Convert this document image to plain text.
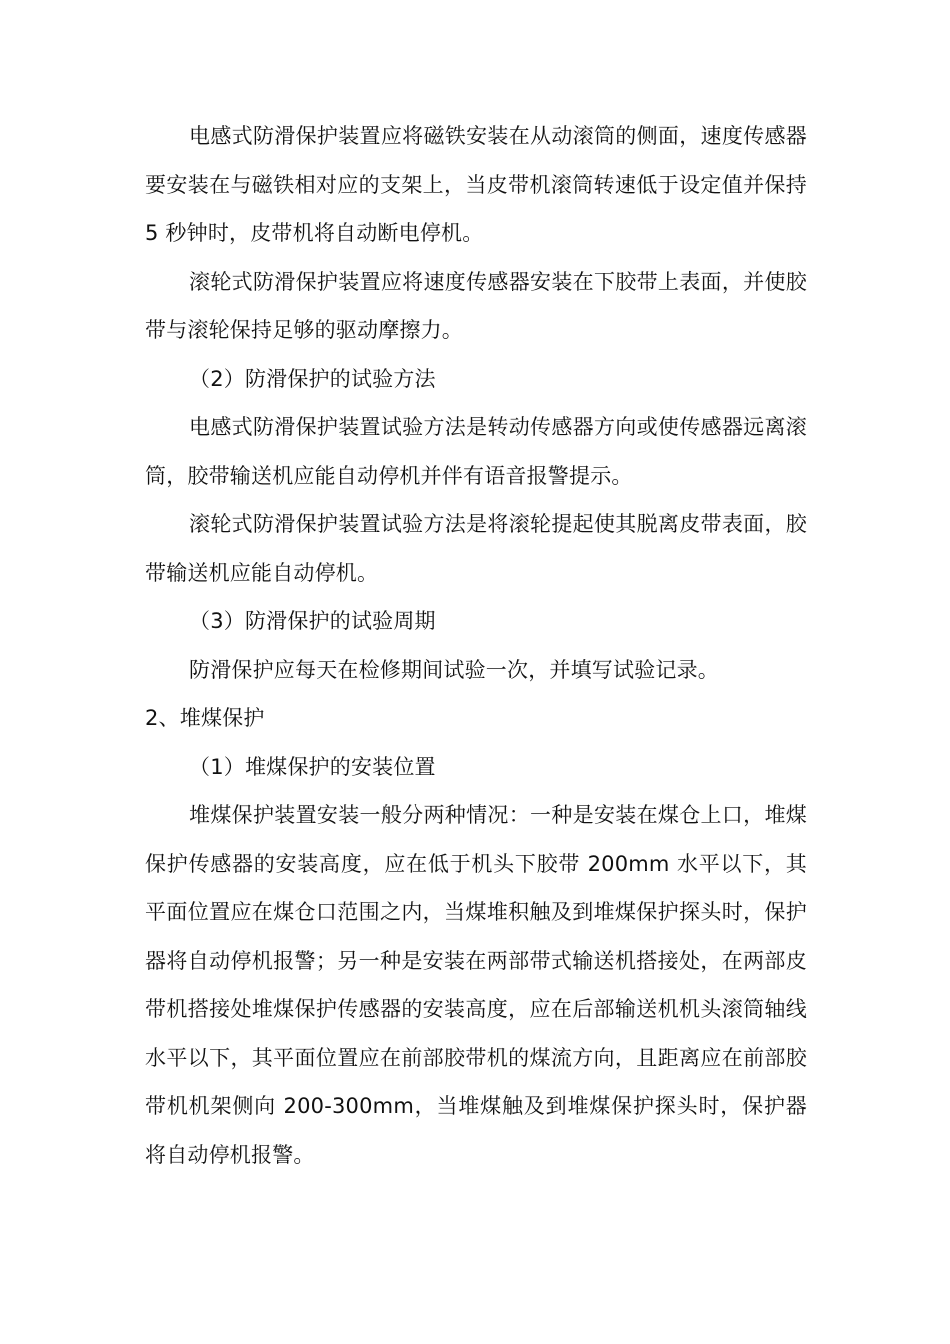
电感式防滑保护装置应将磁铁安装在从动滚筒的侧面，速度传感器要安装在与磁铁相对应的支架上，当皮带机滚筒转速低于设定值并保持 5 秒钟时，皮带机将自动断电停机。

滚轮式防滑保护装置应将速度传感器安装在下胶带上表面，并使胶带与滚轮保持足够的驱动摩擦力。

（2）防滑保护的试验方法

电感式防滑保护装置试验方法是转动传感器方向或使传感器远离滚筒，胶带输送机应能自动停机并伴有语音报警提示。

滚轮式防滑保护装置试验方法是将滚轮提起使其脱离皮带表面，胶带输送机应能自动停机。

（3）防滑保护的试验周期

防滑保护应每天在检修期间试验一次，并填写试验记录。

2、堆煤保护

（1）堆煤保护的安装位置

堆煤保护装置安装一般分两种情况：一种是安装在煤仓上口，堆煤保护传感器的安装高度，应在低于机头下胶带 200mm 水平以下，其平面位置应在煤仓口范围之内，当煤堆积触及到堆煤保护探头时，保护器将自动停机报警；另一种是安装在两部带式输送机搭接处，在两部皮带机搭接处堆煤保护传感器的安装高度，应在后部输送机机头滚筒轴线水平以下，其平面位置应在前部胶带机的煤流方向，且距离应在前部胶带机机架侧向 200-300mm，当堆煤触及到堆煤保护探头时，保护器将自动停机报警。
